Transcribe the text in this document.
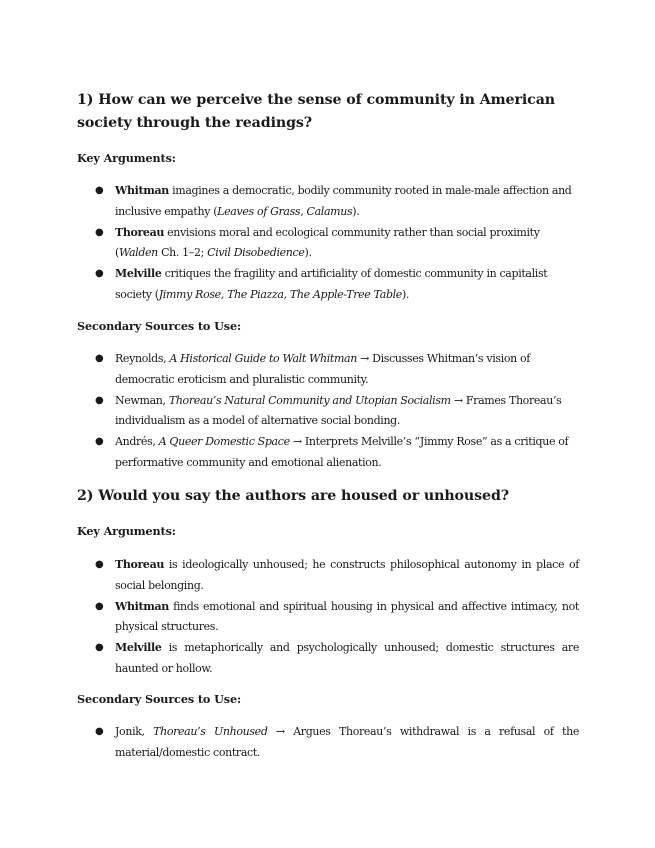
1) How can we perceive the sense of community in American society through the readings?
Key Arguments:
● Whitman imagines a democratic, bodily community rooted in male-male affection and inclusive empathy (Leaves of Grass, Calamus).
● Thoreau envisions moral and ecological community rather than social proximity (Walden Ch. 1–2; Civil Disobedience).
● Melville critiques the fragility and artificiality of domestic community in capitalist society (Jimmy Rose, The Piazza, The Apple-Tree Table).
Secondary Sources to Use:
● Reynolds, A Historical Guide to Walt Whitman → Discusses Whitman’s vision of democratic eroticism and pluralistic community.
● Newman, Thoreau’s Natural Community and Utopian Socialism → Frames Thoreau’s individualism as a model of alternative social bonding.
● Andrés, A Queer Domestic Space → Interprets Melville’s “Jimmy Rose” as a critique of performative community and emotional alienation.
2) Would you say the authors are housed or unhoused?
Key Arguments:
● Thoreau is ideologically unhoused; he constructs philosophical autonomy in place of social belonging.
● Whitman finds emotional and spiritual housing in physical and affective intimacy, not physical structures.
● Melville is metaphorically and psychologically unhoused; domestic structures are haunted or hollow.
Secondary Sources to Use:
● Jonik, Thoreau’s Unhoused → Argues Thoreau’s withdrawal is a refusal of the material/domestic contract.
